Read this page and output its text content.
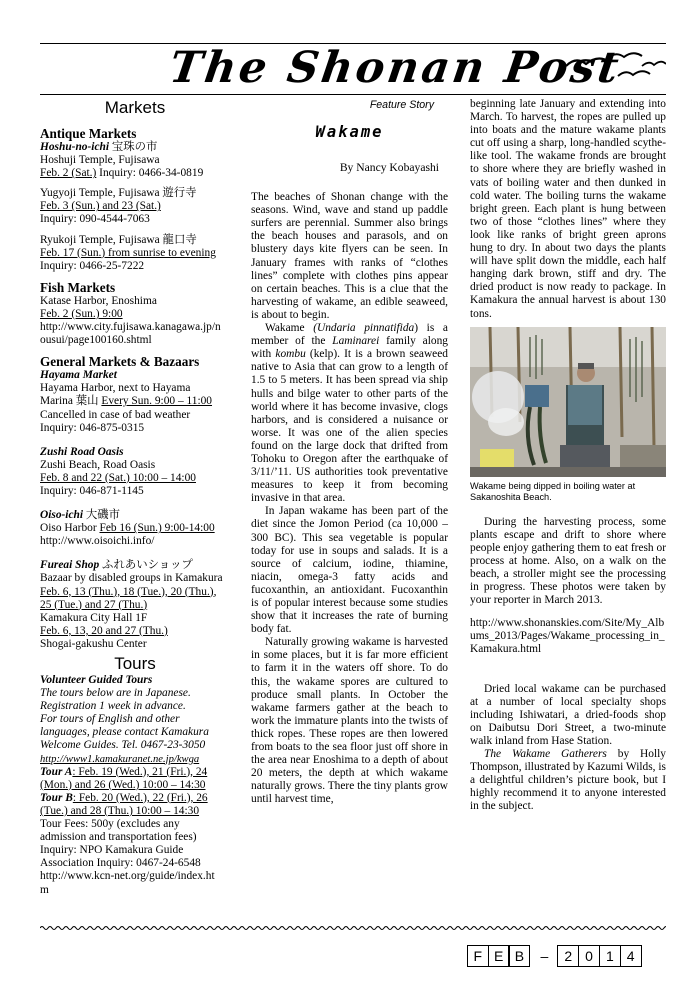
The Shonan Post
Markets
Antique Markets
Hoshu-no-ichi 宝珠の市
Hoshuji Temple, Fujisawa
Feb. 2 (Sat.) Inquiry: 0466-34-0819
Yugyoji Temple, Fujisawa 遊行寺
Feb. 3 (Sun.) and 23 (Sat.)
Inquiry: 090-4544-7063
Ryukoji Temple, Fujisawa 龍口寺
Feb. 17 (Sun.) from sunrise to evening
Inquiry: 0466-25-7222
Fish Markets
Katase Harbor, Enoshima
Feb. 2 (Sun.) 9:00
http://www.city.fujisawa.kanagawa.jp/n
ousui/page100160.shtml
General Markets & Bazaars
Hayama Market
Hayama Harbor, next to Hayama
Marina 葉山 Every Sun. 9:00 – 11:00
Cancelled in case of bad weather
Inquiry: 046-875-0315
Zushi Road Oasis
Zushi Beach, Road Oasis
Feb. 8 and 22 (Sat.) 10:00 – 14:00
Inquiry: 046-871-1145
Oiso-ichi 大磯市
Oiso Harbor Feb 16 (Sun.) 9:00-14:00
http://www.oisoichi.info/
Fureai Shop ふれあいショップ
Bazaar by disabled groups in Kamakura
Feb. 6, 13 (Thu.), 18 (Tue.), 20 (Thu.),
25 (Tue.) and 27 (Thu.)
Kamakura City Hall 1F
Feb. 6, 13, 20 and 27 (Thu.)
Shogai-gakushu Center
Tours
Volunteer Guided Tours
The tours below are in Japanese.
Registration 1 week in advance.
For tours of English and other
languages, please contact Kamakura
Welcome Guides. Tel. 0467-23-3050
http://www1.kamakuranet.ne.jp/kwga
Tour A: Feb. 19 (Wed.), 21 (Fri.), 24
(Mon.) and 26 (Wed.) 10:00 – 14:30
Tour B: Feb. 20 (Wed.), 22 (Fri.), 26
(Tue.) and 28 (Thu.) 10:00 – 14:30
Tour Fees: 500y (excludes any
admission and transportation fees)
Inquiry: NPO Kamakura Guide
Association Inquiry: 0467-24-6548
http://www.kcn-net.org/guide/index.ht
m
Feature Story
Wakame
By Nancy Kobayashi

The beaches of Shonan change with the seasons. Wind, wave and stand up paddle surfers are perennial. Summer also brings the beach houses and parasols, and on blustery days kite flyers can be seen. In January frames with ranks of “clothes lines” complete with clothes pins appear on certain beaches. This is a clue that the harvesting of wakame, an edible seaweed, is about to begin.

Wakame (Undaria pinnatifida) is a member of the Laminarei family along with kombu (kelp). It is a brown seaweed native to Asia that can grow to a length of 1.5 to 5 meters. It has been spread via ship hulls and bilge water to other parts of the world where it has become invasive, clogs harbors, and is considered a nuisance or worse. It was one of the alien species found on the large dock that drifted from Tohoku to Oregon after the earthquake of 3/11/’11. US authorities took preventative measures to keep it from becoming invasive in that area.

In Japan wakame has been part of the diet since the Jomon Period (ca 10,000 – 300 BC). This sea vegetable is popular today for use in soups and salads. It is a source of calcium, iodine, thiamine, niacin, omega-3 fatty acids and fucoxanthin, an antioxidant. Fucoxanthin is of popular interest because some studies show that it increases the rate of burning body fat.

Naturally growing wakame is harvested in some places, but it is far more efficient to farm it in the waters off shore. To do this, the wakame spores are cultured to produce small plants. In October the wakame farmers gather at the beach to work the immature plants into the twists of thick ropes. These ropes are then lowered from boats to the sea floor just off shore in the area near Enoshima to a depth of about 20 meters, the depth at which wakame naturally grows. There the tiny plants grow until harvest time,

beginning late January and extending into March. To harvest, the ropes are pulled up into boats and the mature wakame plants cut off using a sharp, long-handled scythe-like tool. The wakame fronds are brought to shore where they are briefly washed in vats of boiling water and then dunked in cold water. The boiling turns the wakame bright green. Each plant is hung between two of those “clothes lines” where they look like ranks of bright green aprons hung to dry. In about two days the plants will have split down the middle, each half hanging dark brown, stiff and dry. The dried product is now ready to package. In Kamakura the annual harvest is about 130 tons.

Wakame being dipped in boiling water at Sakanoshita Beach.

During the harvesting process, some plants escape and drift to shore where people enjoy gathering them to eat fresh or process at home. Also, on a walk on the beach, a stroller might see the processing in progress. These photos were taken by your reporter in March 2013.

http://www.shonanskies.com/Site/My_Albums_2013/Pages/Wakame_processing_in_Kamakura.html

Dried local wakame can be purchased at a number of local specialty shops including Ishiwatari, a dried-foods shop on Daibutsu Dori Street, a two-minute walk inland from Hase Station.

The Wakame Gatherers by Holly Thompson, illustrated by Kazumi Wilds, is a delightful children’s picture book, but I highly recommend it to anyone interested in the subject.

F E B	–	2 0 1 4
